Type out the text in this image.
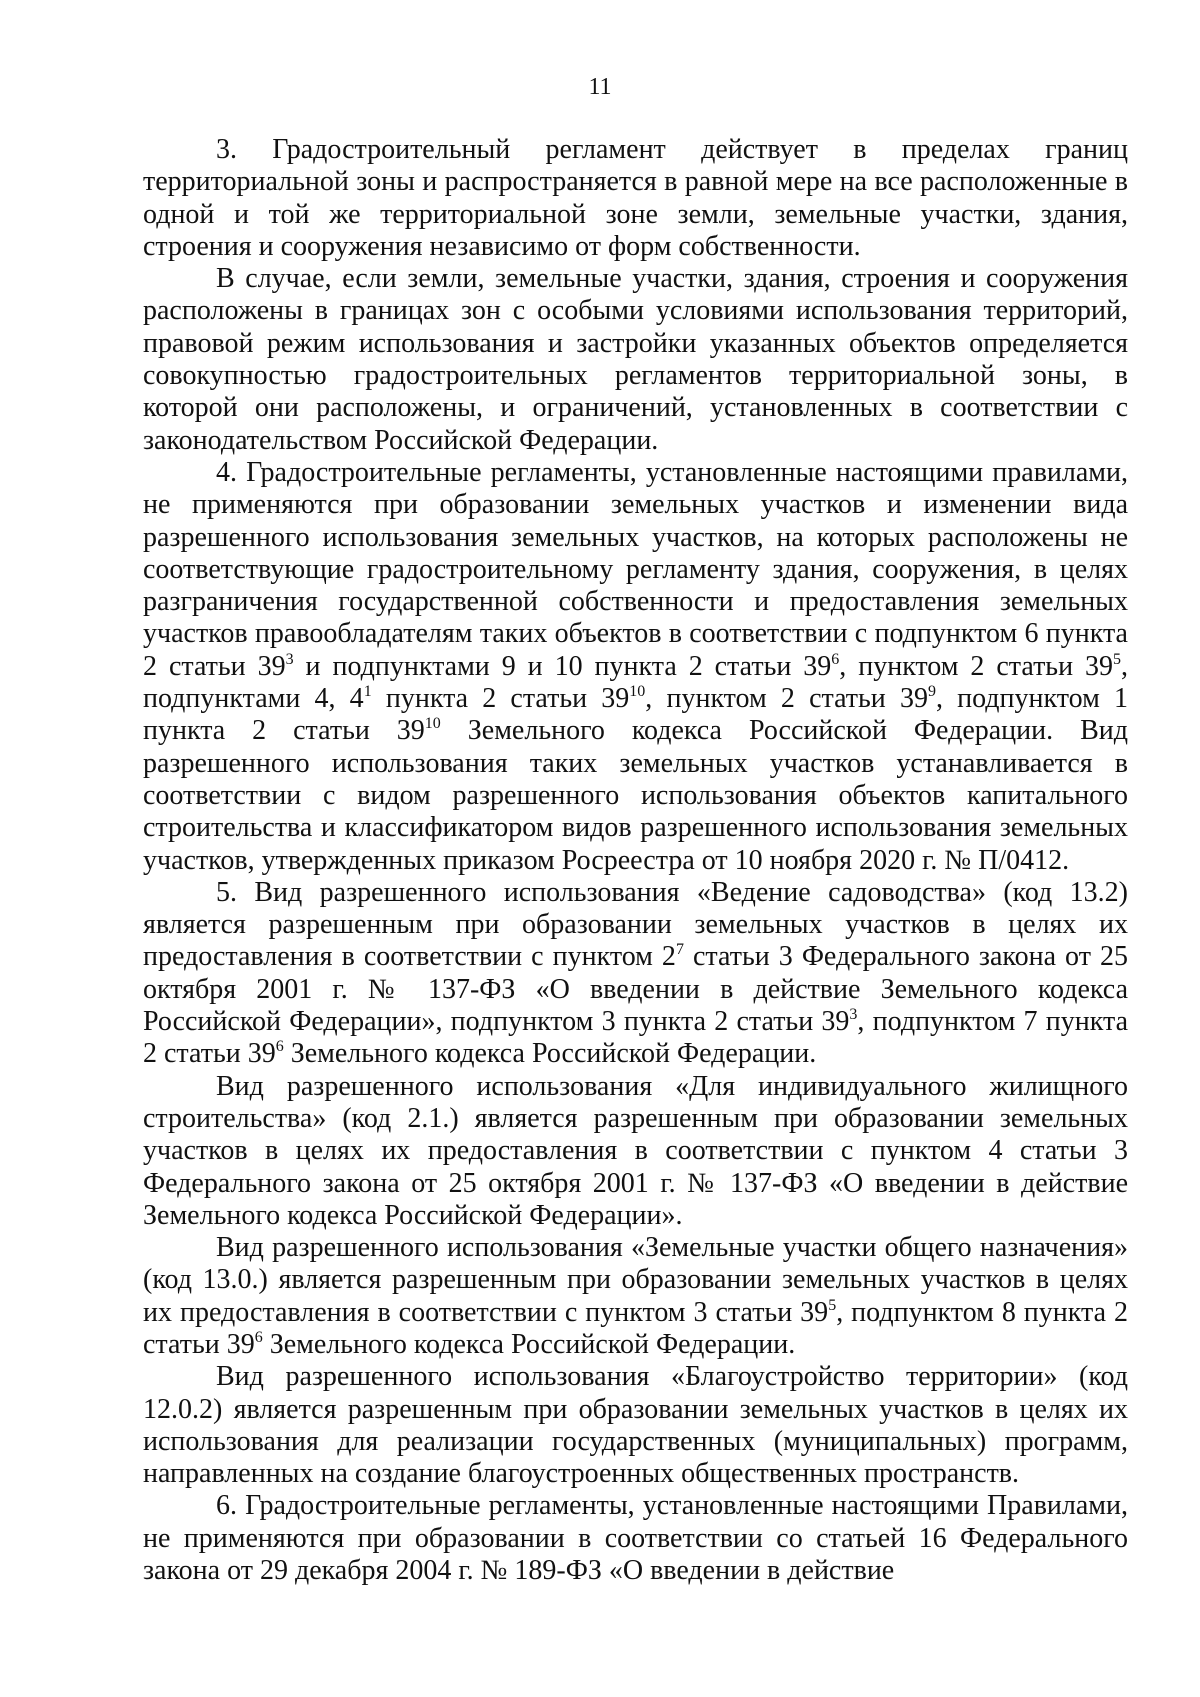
11

3. Градостроительный регламент действует в пределах границ территориальной зоны и распространяется в равной мере на все расположенные в одной и той же территориальной зоне земли, земельные участки, здания, строения и сооружения независимо от форм собственности.

В случае, если земли, земельные участки, здания, строения и сооружения расположены в границах зон с особыми условиями использования территорий, правовой режим использования и застройки указанных объектов определяется совокупностью градостроительных регламентов территориальной зоны, в которой они расположены, и ограничений, установленных в соответствии с законодательством Российской Федерации.

4. Градостроительные регламенты, установленные настоящими правилами, не применяются при образовании земельных участков и изменении вида разрешенного использования земельных участков, на которых расположены не соответствующие градостроительному регламенту здания, сооружения, в целях разграничения государственной собственности и предоставления земельных участков правообладателям таких объектов в соответствии с подпунктом 6 пункта 2 статьи $39^3$ и подпунктами 9 и 10 пункта 2 статьи $39^6$, пунктом 2 статьи $39^5$, подпунктами 4, $4^1$ пункта 2 статьи $39^{10}$, пунктом 2 статьи $39^9$, подпунктом 1 пункта 2 статьи $39^{10}$ Земельного кодекса Российской Федерации. Вид разрешенного использования таких земельных участков устанавливается в соответствии с видом разрешенного использования объектов капитального строительства и классификатором видов разрешенного использования земельных участков, утвержденных приказом Росреестра от 10 ноября 2020 г. № П/0412.

5. Вид разрешенного использования «Ведение садоводства» (код 13.2) является разрешенным при образовании земельных участков в целях их предоставления в соответствии с пунктом $2^7$ статьи 3 Федерального закона от 25 октября 2001 г. № 137-ФЗ «О введении в действие Земельного кодекса Российской Федерации», подпунктом 3 пункта 2 статьи $39^3$, подпунктом 7 пункта 2 статьи $39^6$ Земельного кодекса Российской Федерации.

Вид разрешенного использования «Для индивидуального жилищного строительства» (код 2.1.) является разрешенным при образовании земельных участков в целях их предоставления в соответствии с пунктом 4 статьи 3 Федерального закона от 25 октября 2001 г. № 137-ФЗ «О введении в действие Земельного кодекса Российской Федерации».

Вид разрешенного использования «Земельные участки общего назначения» (код 13.0.) является разрешенным при образовании земельных участков в целях их предоставления в соответствии с пунктом 3 статьи $39^5$, подпунктом 8 пункта 2 статьи $39^6$ Земельного кодекса Российской Федерации.

Вид разрешенного использования «Благоустройство территории» (код 12.0.2) является разрешенным при образовании земельных участков в целях их использования для реализации государственных (муниципальных) программ, направленных на создание благоустроенных общественных пространств.

6. Градостроительные регламенты, установленные настоящими Правилами, не применяются при образовании в соответствии со статьей 16 Федерального закона от 29 декабря 2004 г. № 189-ФЗ «О введении в действие
